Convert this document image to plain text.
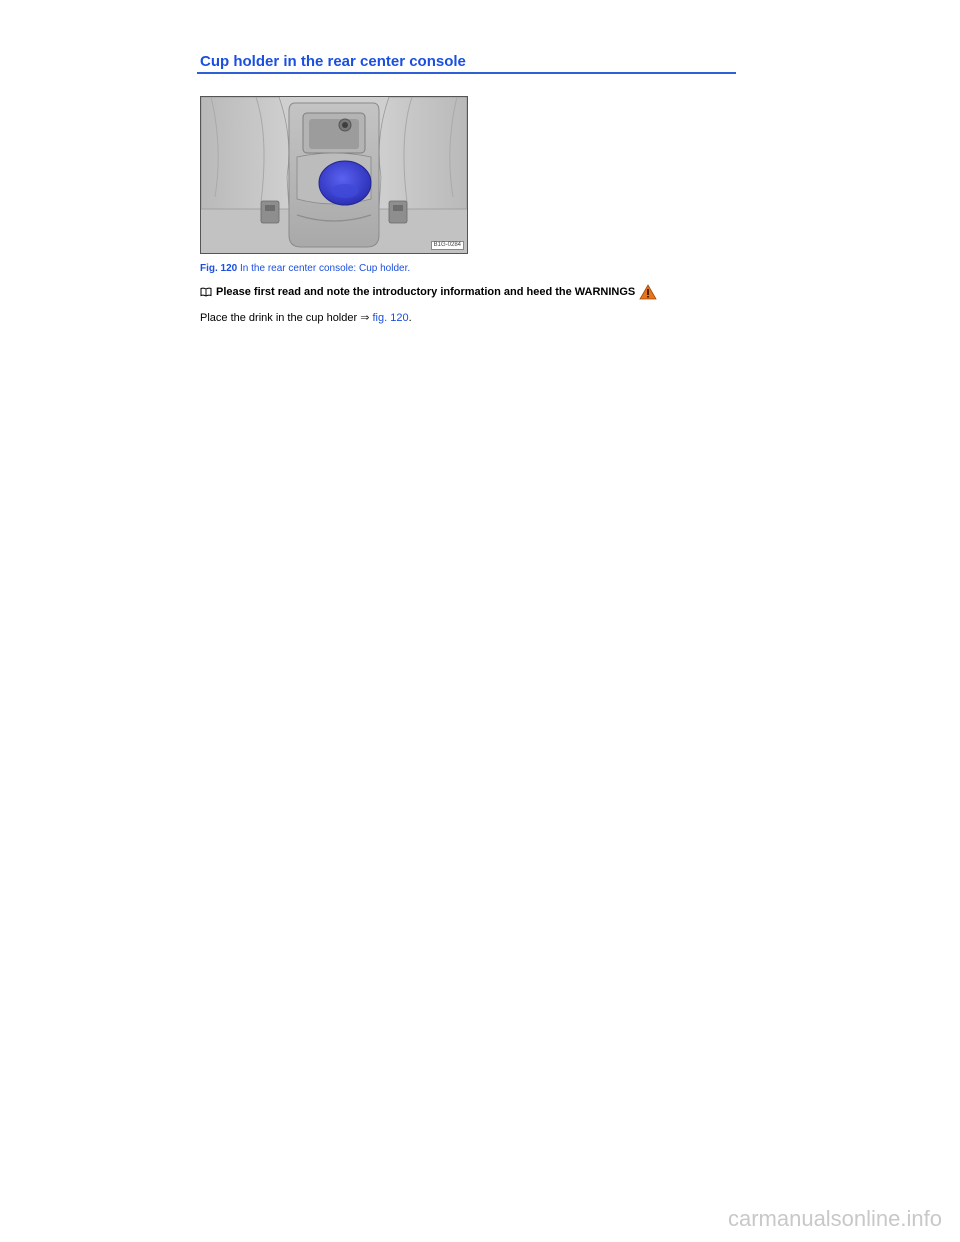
Cup holder in the rear center console
B1G-0284
Fig. 120 In the rear center console: Cup holder.
Please first read and note the introductory information and heed the WARNINGS
Place the drink in the cup holder ⇒ fig. 120.
carmanualsonline.info
